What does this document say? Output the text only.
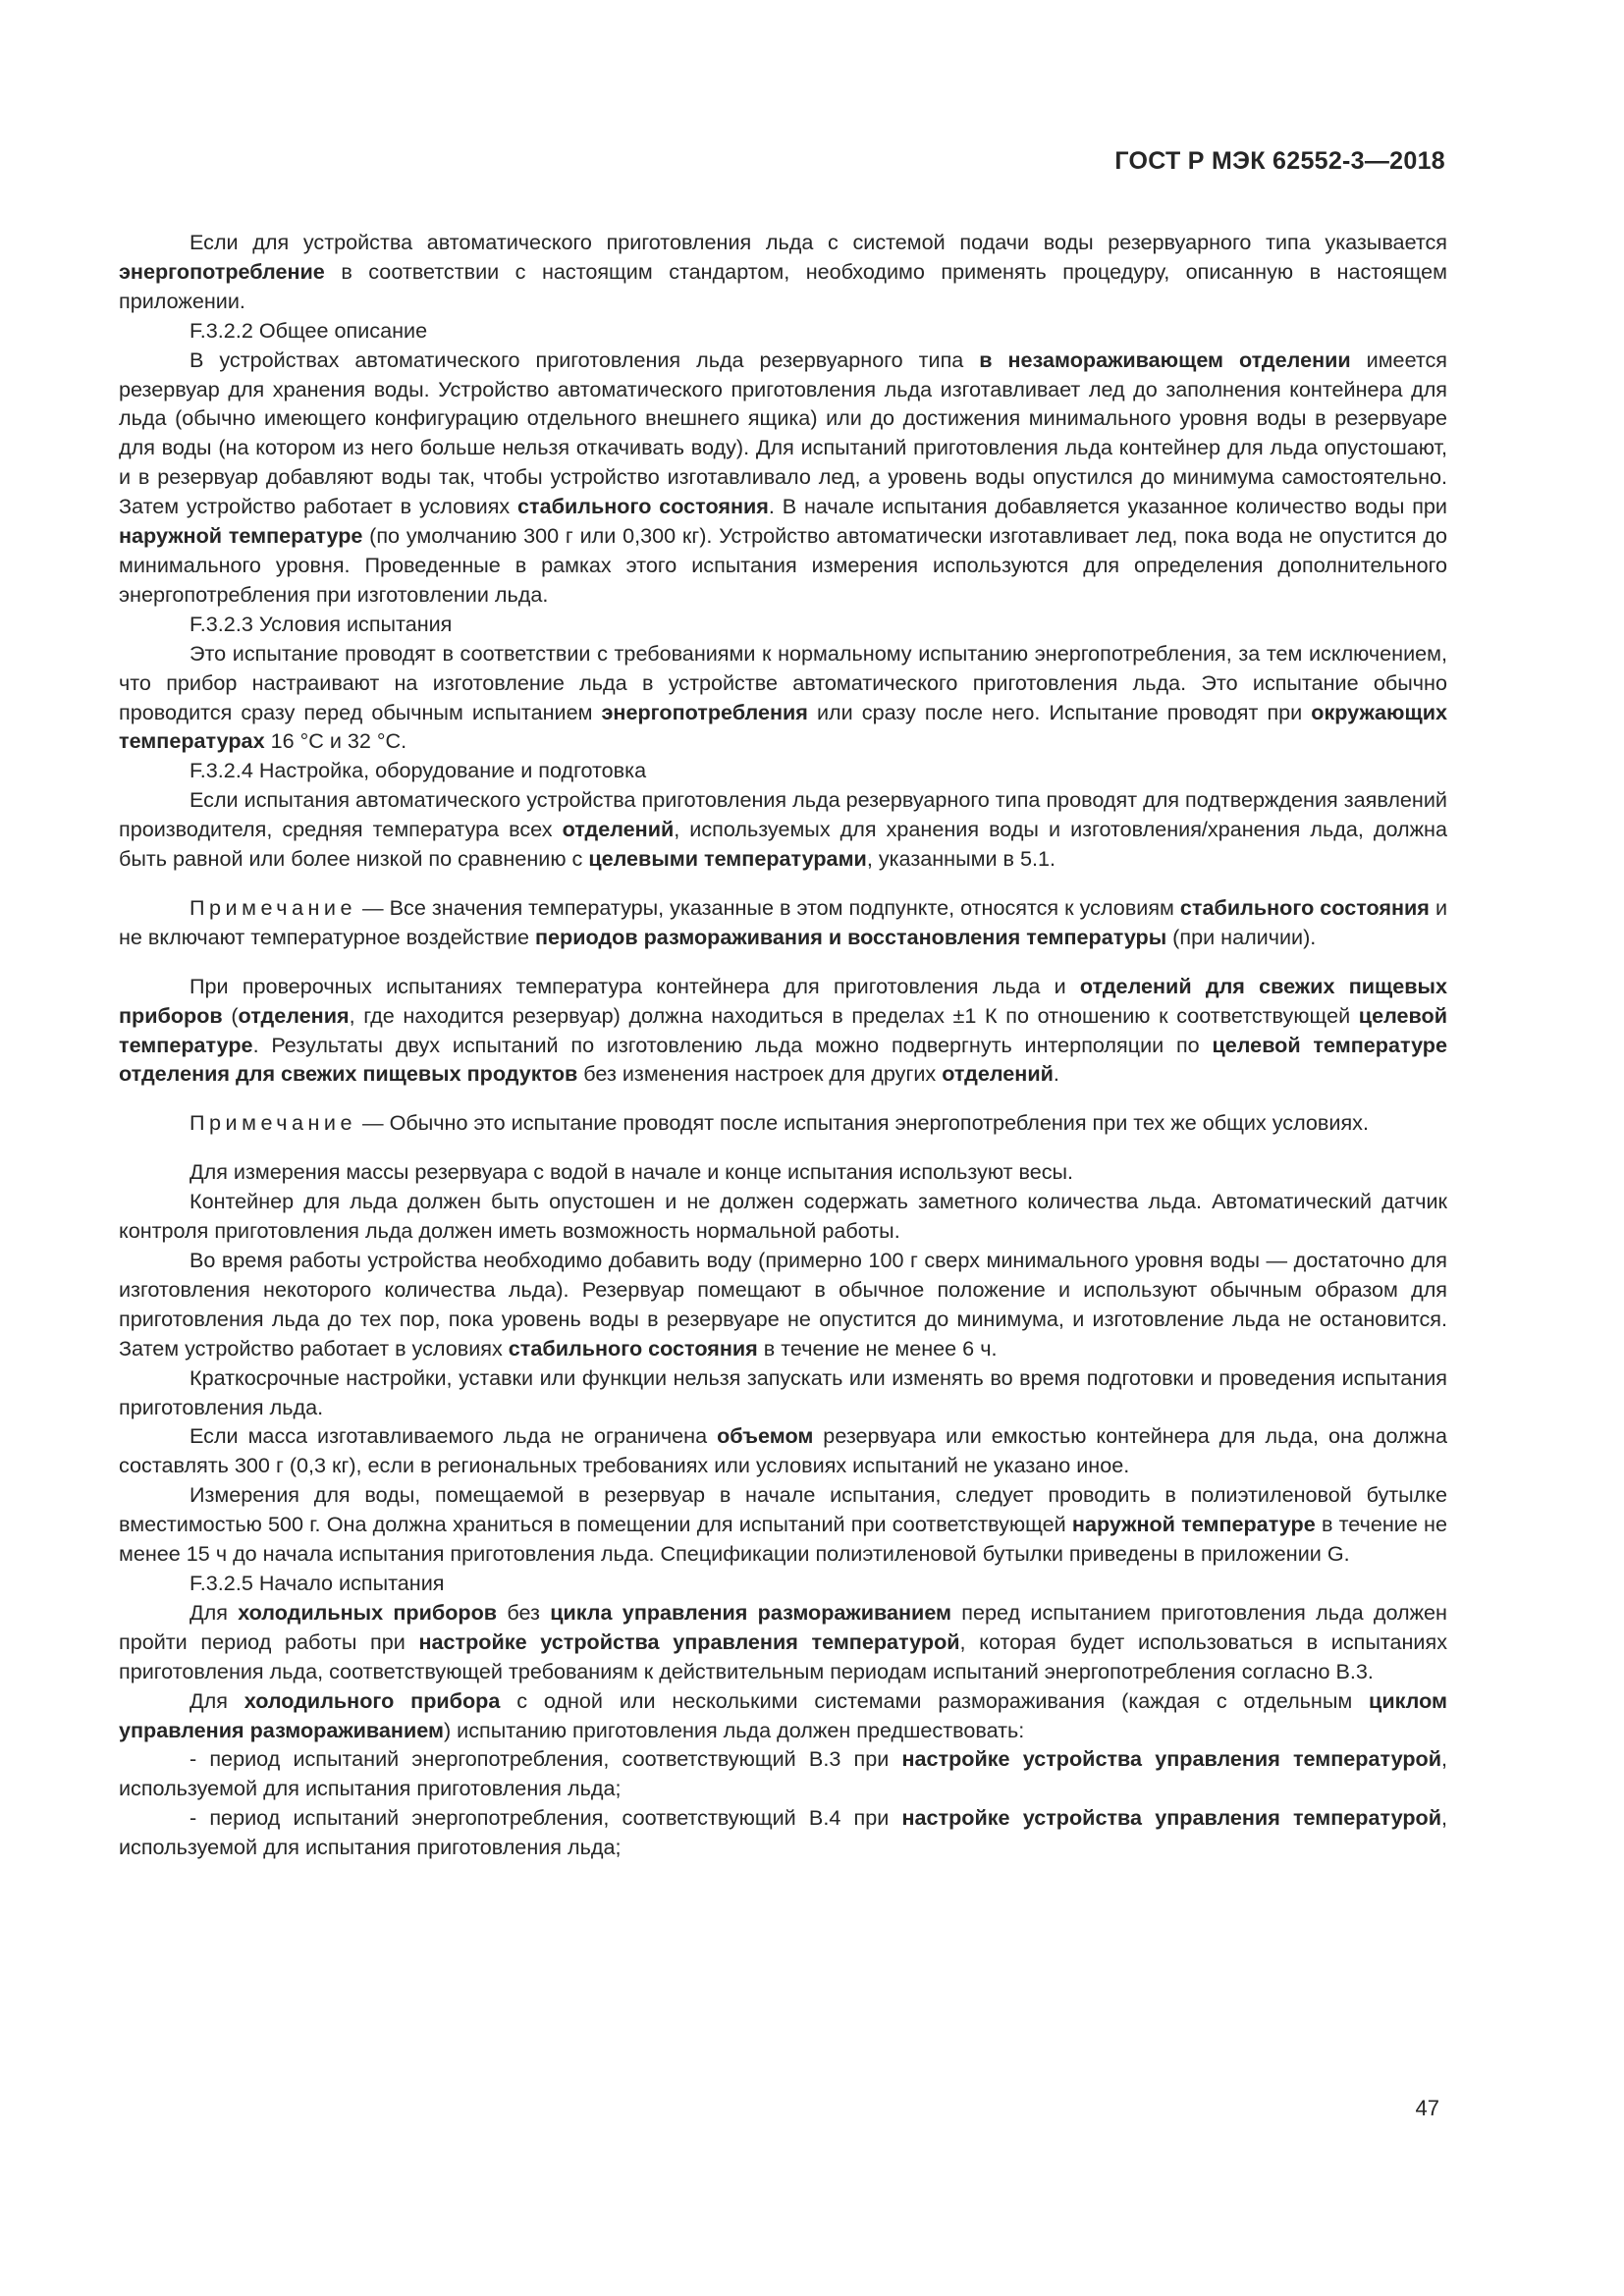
ГОСТ Р МЭК 62552-3—2018

Если для устройства автоматического приготовления льда с системой подачи воды резервуарного типа указывается энергопотребление в соответствии с настоящим стандартом, необходимо применять процедуру, описанную в настоящем приложении.

F.3.2.2 Общее описание

В устройствах автоматического приготовления льда резервуарного типа в незамораживающем отделении имеется резервуар для хранения воды. Устройство автоматического приготовления льда изготавливает лед до заполнения контейнера для льда (обычно имеющего конфигурацию отдельного внешнего ящика) или до достижения минимального уровня воды в резервуаре для воды (на котором из него больше нельзя откачивать воду). Для испытаний приготовления льда контейнер для льда опустошают, и в резервуар добавляют воды так, чтобы устройство изготавливало лед, а уровень воды опустился до минимума самостоятельно. Затем устройство работает в условиях стабильного состояния. В начале испытания добавляется указанное количество воды при наружной температуре (по умолчанию 300 г или 0,300 кг). Устройство автоматически изготавливает лед, пока вода не опустится до минимального уровня. Проведенные в рамках этого испытания измерения используются для определения дополнительного энергопотребления при изготовлении льда.

F.3.2.3 Условия испытания

Это испытание проводят в соответствии с требованиями к нормальному испытанию энергопотребления, за тем исключением, что прибор настраивают на изготовление льда в устройстве автоматического приготовления льда. Это испытание обычно проводится сразу перед обычным испытанием энергопотребления или сразу после него. Испытание проводят при окружающих температурах 16 °С и 32 °С.

F.3.2.4 Настройка, оборудование и подготовка

Если испытания автоматического устройства приготовления льда резервуарного типа проводят для подтверждения заявлений производителя, средняя температура всех отделений, используемых для хранения воды и изготовления/хранения льда, должна быть равной или более низкой по сравнению с целевыми температурами, указанными в 5.1.

Примечание — Все значения температуры, указанные в этом подпункте, относятся к условиям стабильного состояния и не включают температурное воздействие периодов размораживания и восстановления температуры (при наличии).

При проверочных испытаниях температура контейнера для приготовления льда и отделений для свежих пищевых приборов (отделения, где находится резервуар) должна находиться в пределах ±1 К по отношению к соответствующей целевой температуре. Результаты двух испытаний по изготовлению льда можно подвергнуть интерполяции по целевой температуре отделения для свежих пищевых продуктов без изменения настроек для других отделений.

Примечание — Обычно это испытание проводят после испытания энергопотребления при тех же общих условиях.

Для измерения массы резервуара с водой в начале и конце испытания используют весы.

Контейнер для льда должен быть опустошен и не должен содержать заметного количества льда. Автоматический датчик контроля приготовления льда должен иметь возможность нормальной работы.

Во время работы устройства необходимо добавить воду (примерно 100 г сверх минимального уровня воды — достаточно для изготовления некоторого количества льда). Резервуар помещают в обычное положение и используют обычным образом для приготовления льда до тех пор, пока уровень воды в резервуаре не опустится до минимума, и изготовление льда не остановится. Затем устройство работает в условиях стабильного состояния в течение не менее 6 ч.

Краткосрочные настройки, уставки или функции нельзя запускать или изменять во время подготовки и проведения испытания приготовления льда.

Если масса изготавливаемого льда не ограничена объемом резервуара или емкостью контейнера для льда, она должна составлять 300 г (0,3 кг), если в региональных требованиях или условиях испытаний не указано иное.

Измерения для воды, помещаемой в резервуар в начале испытания, следует проводить в полиэтиленовой бутылке вместимостью 500 г. Она должна храниться в помещении для испытаний при соответствующей наружной температуре в течение не менее 15 ч до начала испытания приготовления льда. Спецификации полиэтиленовой бутылки приведены в приложении G.

F.3.2.5 Начало испытания

Для холодильных приборов без цикла управления размораживанием перед испытанием приготовления льда должен пройти период работы при настройке устройства управления температурой, которая будет использоваться в испытаниях приготовления льда, соответствующей требованиям к действительным периодам испытаний энергопотребления согласно В.3.

Для холодильного прибора с одной или несколькими системами размораживания (каждая с отдельным циклом управления размораживанием) испытанию приготовления льда должен предшествовать:

- период испытаний энергопотребления, соответствующий В.3 при настройке устройства управления температурой, используемой для испытания приготовления льда;

- период испытаний энергопотребления, соответствующий В.4 при настройке устройства управления температурой, используемой для испытания приготовления льда;

47
